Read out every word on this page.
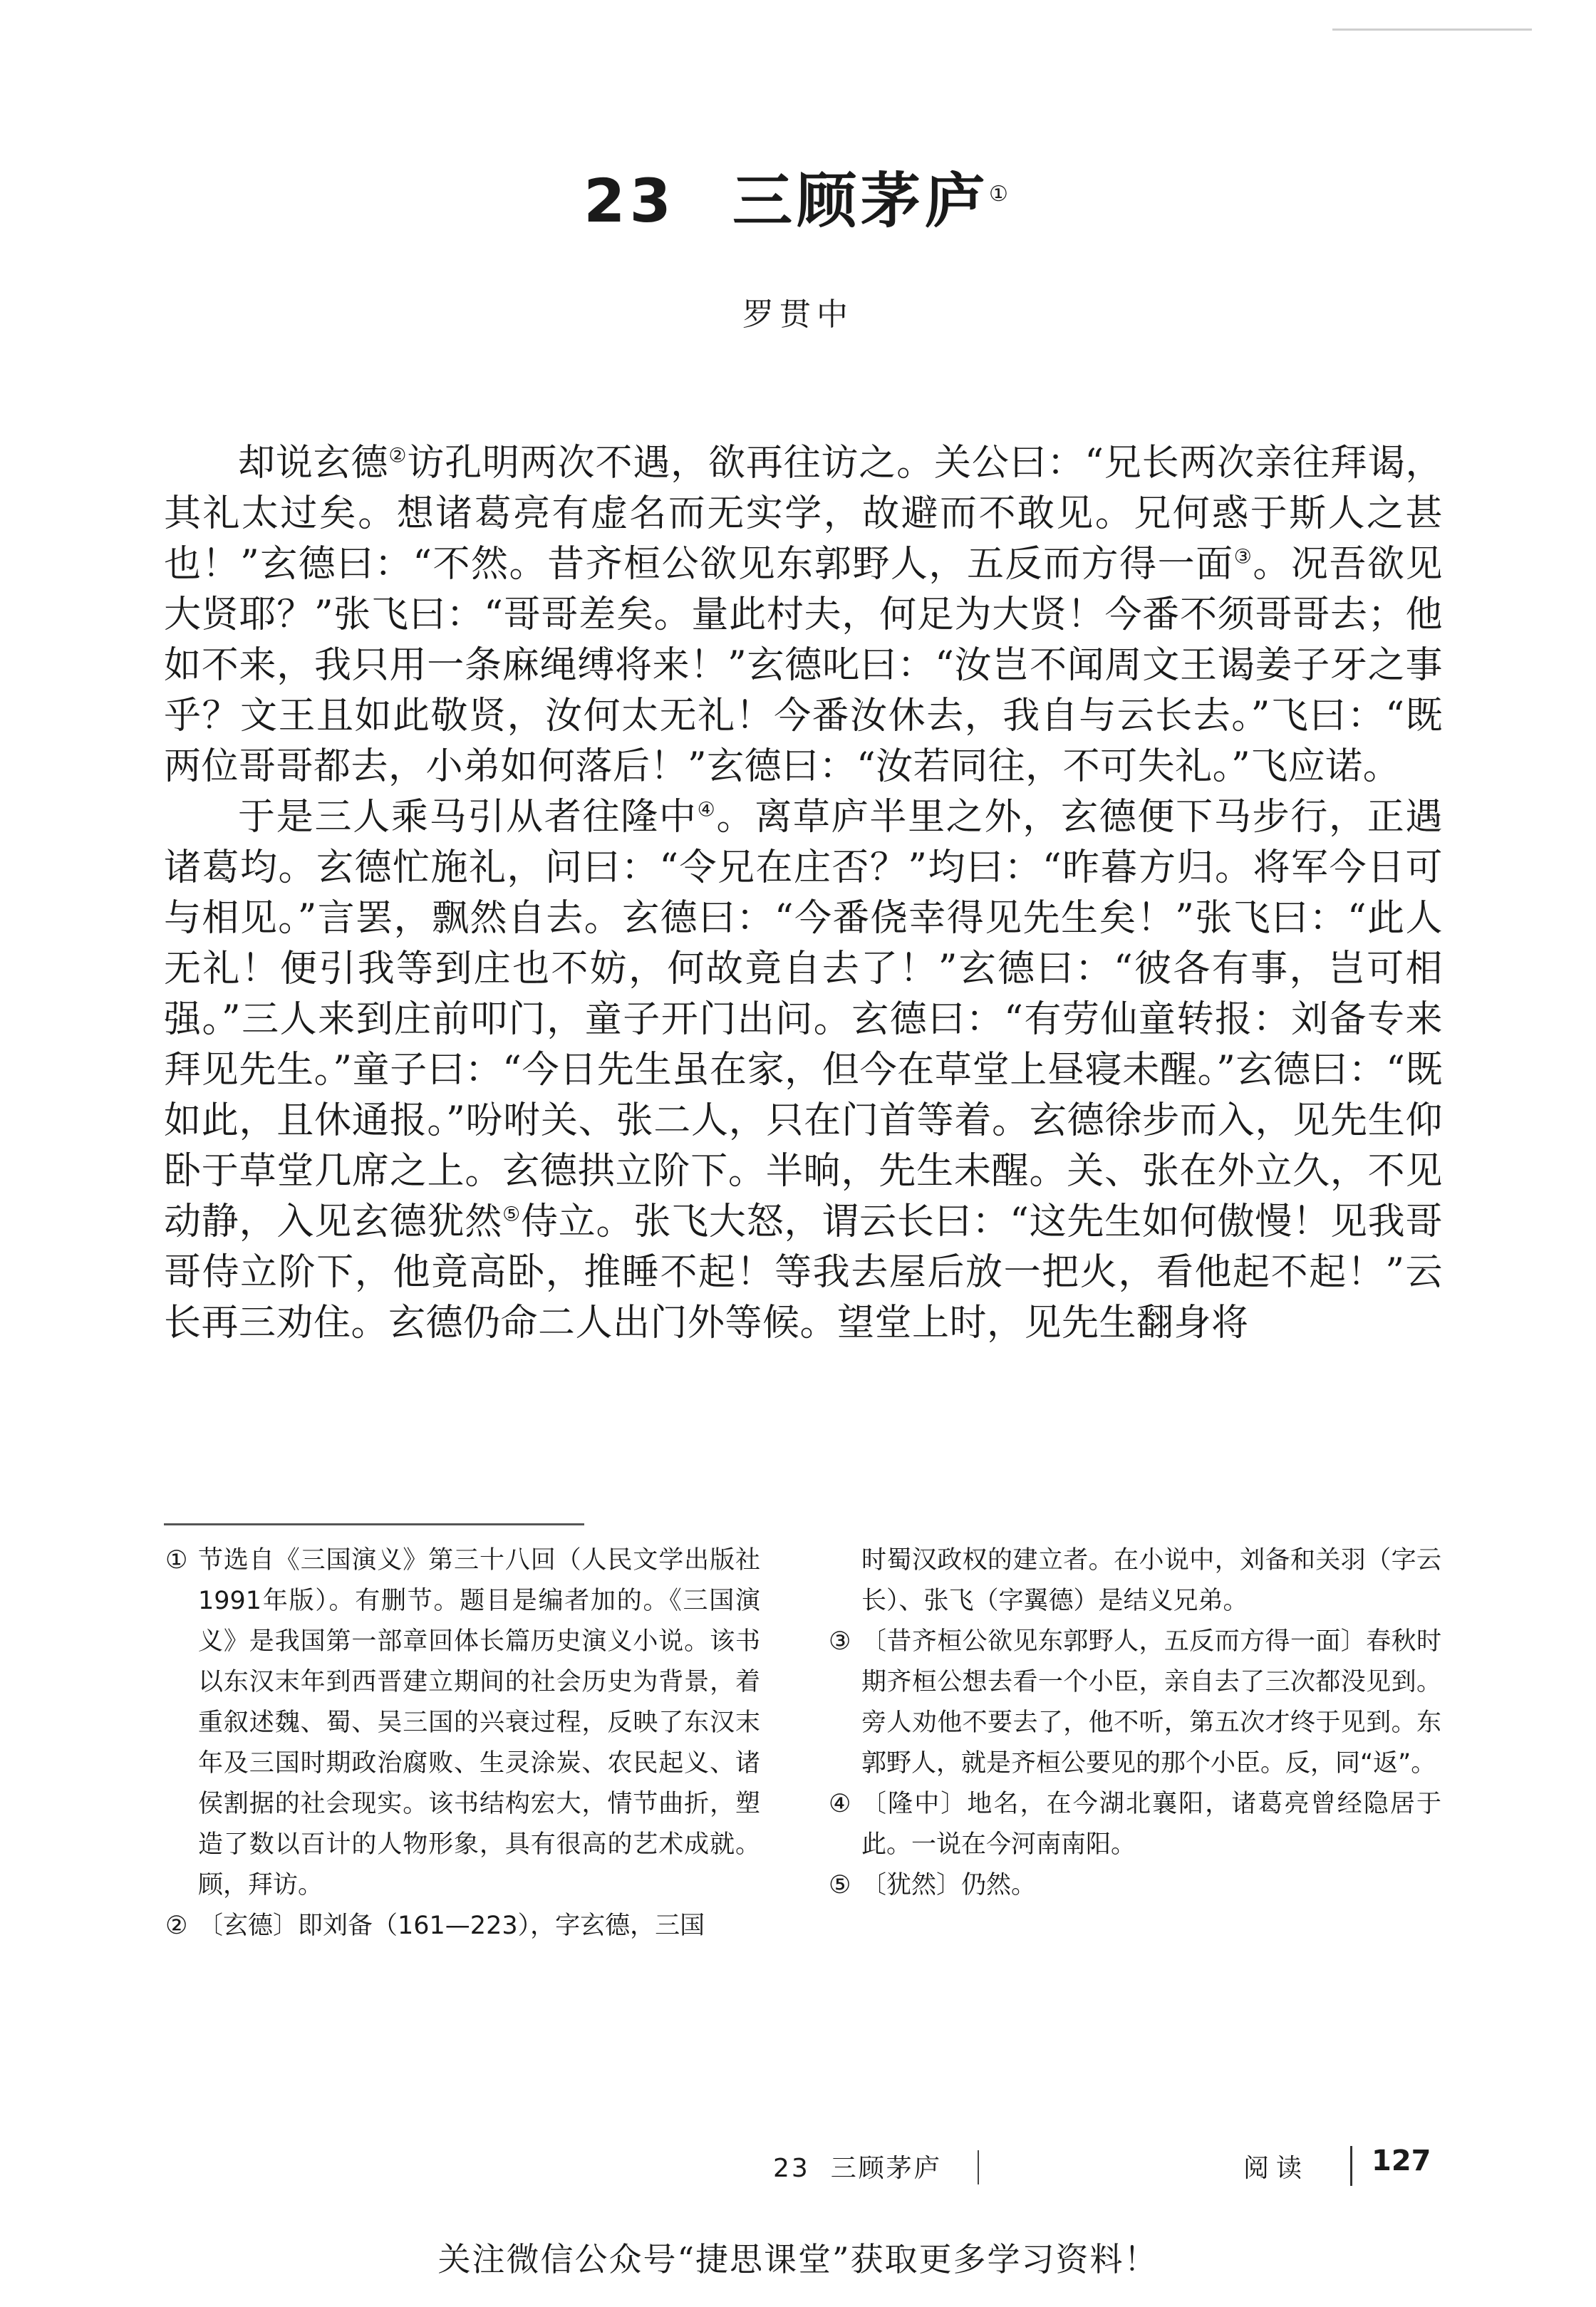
23 三顾茅庐①
罗贯中

却说玄德②访孔明两次不遇，欲再往访之。关公曰：“兄长两次亲往拜谒，其礼太过矣。想诸葛亮有虚名而无实学，故避而不敢见。兄何惑于斯人之甚也！”玄德曰：“不然。昔齐桓公欲见东郭野人，五反而方得一面③。况吾欲见大贤耶？”张飞曰：“哥哥差矣。量此村夫，何足为大贤！今番不须哥哥去；他如不来，我只用一条麻绳缚将来！”玄德叱曰：“汝岂不闻周文王谒姜子牙之事乎？文王且如此敬贤，汝何太无礼！今番汝休去，我自与云长去。”飞曰：“既两位哥哥都去，小弟如何落后！”玄德曰：“汝若同往，不可失礼。”飞应诺。

于是三人乘马引从者往隆中④。离草庐半里之外，玄德便下马步行，正遇诸葛均。玄德忙施礼，问曰：“令兄在庄否？”均曰：“昨暮方归。将军今日可与相见。”言罢，飘然自去。玄德曰：“今番侥幸得见先生矣！”张飞曰：“此人无礼！便引我等到庄也不妨，何故竟自去了！”玄德曰：“彼各有事，岂可相强。”三人来到庄前叩门，童子开门出问。玄德曰：“有劳仙童转报：刘备专来拜见先生。”童子曰：“今日先生虽在家，但今在草堂上昼寝未醒。”玄德曰：“既如此，且休通报。”吩咐关、张二人，只在门首等着。玄德徐步而入，见先生仰卧于草堂几席之上。玄德拱立阶下。半晌，先生未醒。关、张在外立久，不见动静，入见玄德犹然⑤侍立。张飞大怒，谓云长曰：“这先生如何傲慢！见我哥哥侍立阶下，他竟高卧，推睡不起！等我去屋后放一把火，看他起不起！”云长再三劝住。玄德仍命二人出门外等候。望堂上时，见先生翻身将

① 节选自《三国演义》第三十八回（人民文学出版社1991年版）。有删节。题目是编者加的。《三国演义》是我国第一部章回体长篇历史演义小说。该书以东汉末年到西晋建立期间的社会历史为背景，着重叙述魏、蜀、吴三国的兴衰过程，反映了东汉末年及三国时期政治腐败、生灵涂炭、农民起义、诸侯割据的社会现实。该书结构宏大，情节曲折，塑造了数以百计的人物形象，具有很高的艺术成就。顾，拜访。

② 〔玄德〕即刘备（161—223），字玄德，三国

时蜀汉政权的建立者。在小说中，刘备和关羽（字云长）、张飞（字翼德）是结义兄弟。

③ 〔昔齐桓公欲见东郭野人，五反而方得一面〕春秋时期齐桓公想去看一个小臣，亲自去了三次都没见到。旁人劝他不要去了，他不听，第五次才终于见到。东郭野人，就是齐桓公要见的那个小臣。反，同“返”。

④ 〔隆中〕地名，在今湖北襄阳，诸葛亮曾经隐居于此。一说在今河南南阳。

⑤ 〔犹然〕仍然。

23  三顾茅庐	阅读 127
关注微信公众号“捷思课堂”获取更多学习资料！
